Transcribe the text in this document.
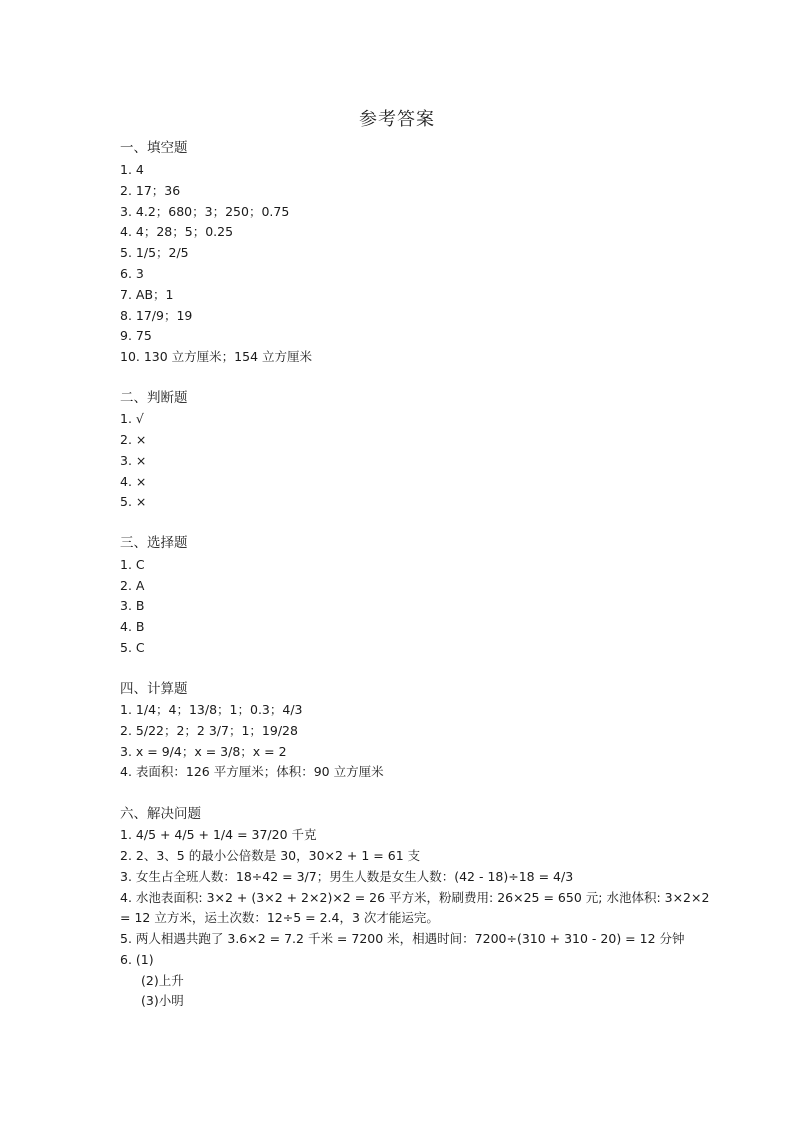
参考答案
一、填空题
1. 4
2. 17；36
3. 4.2；680；3；250；0.75
4. 4；28；5；0.25
5. 1/5；2/5
6. 3
7. AB；1
8. 17/9；19
9. 75
10. 130 立方厘米；154 立方厘米
二、判断题
1. √
2. ×
3. ×
4. ×
5. ×
三、选择题
1. C
2. A
3. B
4. B
5. C
四、计算题
1. 1/4；4；13/8；1；0.3；4/3
2. 5/22；2；2 3/7；1；19/28
3. x = 9/4；x = 3/8；x = 2
4. 表面积：126 平方厘米；体积：90 立方厘米
六、解决问题
1. 4/5 + 4/5 + 1/4 = 37/20 千克
2. 2、3、5 的最小公倍数是 30，30×2 + 1 = 61 支
3. 女生占全班人数：18÷42 = 3/7；男生人数是女生人数：(42 - 18)÷18 = 4/3
4. 水池表面积: 3×2 + (3×2 + 2×2)×2 = 26 平方米，粉刷费用: 26×25 = 650 元; 水池体积: 3×2×2
= 12 立方米，运土次数：12÷5 = 2.4，3 次才能运完。
5. 两人相遇共跑了 3.6×2 = 7.2 千米 = 7200 米，相遇时间：7200÷(310 + 310 - 20) = 12 分钟
6. (1)
(2)上升
(3)小明
